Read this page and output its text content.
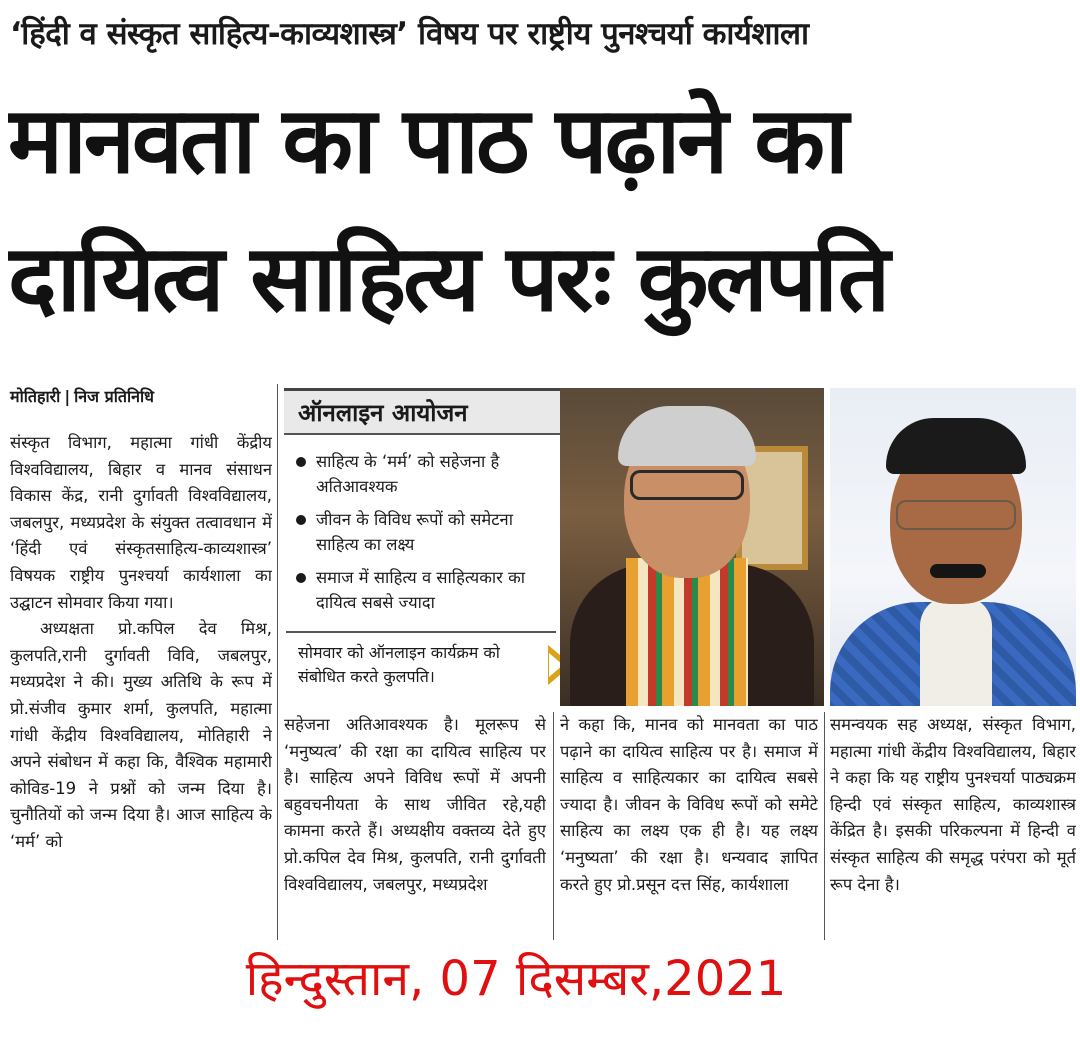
‘हिंदी व संस्कृत साहित्य-काव्यशास्त्र’ विषय पर राष्ट्रीय पुनश्चर्या कार्यशाला
मानवता का पाठ पढ़ाने का
दायित्व साहित्य परः कुलपति
मोतिहारी | निज प्रतिनिधि

संस्कृत विभाग, महात्मा गांधी केंद्रीय विश्वविद्यालय, बिहार व मानव संसाधन विकास केंद्र, रानी दुर्गावती विश्वविद्यालय, जबलपुर, मध्यप्रदेश के संयुक्त तत्वावधान में ‘हिंदी एवं संस्कृतसाहित्य-काव्यशास्त्र’ विषयक राष्ट्रीय पुनश्चर्या कार्यशाला का उद्घाटन सोमवार किया गया।

अध्यक्षता प्रो.कपिल देव मिश्र, कुलपति,रानी दुर्गावती विवि, जबलपुर, मध्यप्रदेश ने की। मुख्य अतिथि के रूप में प्रो.संजीव कुमार शर्मा, कुलपति, महात्मा गांधी केंद्रीय विश्वविद्यालय, मोतिहारी ने अपने संबोधन में कहा कि, वैश्विक महामारी कोविड-19 ने प्रश्नों को जन्म दिया है। चुनौतियों को जन्म दिया है। आज साहित्य के ‘मर्म’ को

ऑनलाइन आयोजन
साहित्य के ‘मर्म’ को सहेजना है अतिआवश्यक
जीवन के विविध रूपों को समेटना साहित्य का लक्ष्य
समाज में साहित्य व साहित्यकार का दायित्व सबसे ज्यादा
सोमवार को ऑनलाइन कार्यक्रम को संबोधित करते कुलपति।
सहेजना अतिआवश्यक है। मूलरूप से ‘मनुष्यत्व’ की रक्षा का दायित्व साहित्य पर है। साहित्य अपने विविध रूपों में अपनी बहुवचनीयता के साथ जीवित रहे,यही कामना करते हैं। अध्यक्षीय वक्तव्य देते हुए प्रो.कपिल देव मिश्र, कुलपति, रानी दुर्गावती विश्वविद्यालय, जबलपुर, मध्यप्रदेश
ने कहा कि, मानव को मानवता का पाठ पढ़ाने का दायित्व साहित्य पर है। समाज में साहित्य व साहित्यकार का दायित्व सबसे ज्यादा है। जीवन के विविध रूपों को समेटे साहित्य का लक्ष्य एक ही है। यह लक्ष्य ‘मनुष्यता’ की रक्षा है। धन्यवाद ज्ञापित करते हुए प्रो.प्रसून दत्त सिंह, कार्यशाला
समन्वयक सह अध्यक्ष, संस्कृत विभाग, महात्मा गांधी केंद्रीय विश्वविद्यालय, बिहार ने कहा कि यह राष्ट्रीय पुनश्चर्या पाठ्यक्रम हिन्दी एवं संस्कृत साहित्य, काव्यशास्त्र केंद्रित है। इसकी परिकल्पना में हिन्दी व संस्कृत साहित्य की समृद्ध परंपरा को मूर्त रूप देना है।
हिन्दुस्तान, 07 दिसम्बर,2021
